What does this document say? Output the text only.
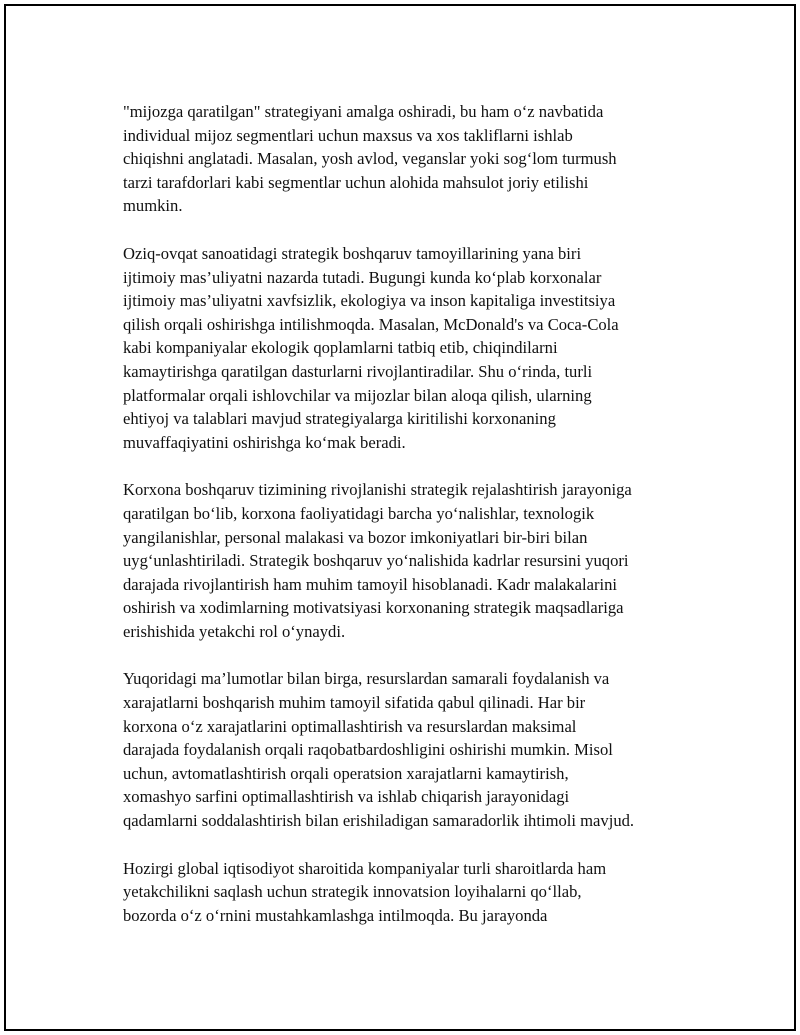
"mijozga qaratilgan" strategiyani amalga oshiradi, bu ham o‘z navbatida
individual mijoz segmentlari uchun maxsus va xos takliflarni ishlab
chiqishni anglatadi. Masalan, yosh avlod, veganslar yoki sog‘lom turmush
tarzi tarafdorlari kabi segmentlar uchun alohida mahsulot joriy etilishi
mumkin.

Oziq-ovqat sanoatidagi strategik boshqaruv tamoyillarining yana biri
ijtimoiy mas’uliyatni nazarda tutadi. Bugungi kunda ko‘plab korxonalar
ijtimoiy mas’uliyatni xavfsizlik, ekologiya va inson kapitaliga investitsiya
qilish orqali oshirishga intilishmoqda. Masalan, McDonald's va Coca-Cola
kabi kompaniyalar ekologik qoplamlarni tatbiq etib, chiqindilarni
kamaytirishga qaratilgan dasturlarni rivojlantiradilar. Shu o‘rinda, turli
platformalar orqali ishlovchilar va mijozlar bilan aloqa qilish, ularning
ehtiyoj va talablari mavjud strategiyalarga kiritilishi korxonaning
muvaffaqiyatini oshirishga ko‘mak beradi.

Korxona boshqaruv tizimining rivojlanishi strategik rejalashtirish jarayoniga
qaratilgan bo‘lib, korxona faoliyatidagi barcha yo‘nalishlar, texnologik
yangilanishlar, personal malakasi va bozor imkoniyatlari bir-biri bilan
uyg‘unlashtiriladi. Strategik boshqaruv yo‘nalishida kadrlar resursini yuqori
darajada rivojlantirish ham muhim tamoyil hisoblanadi. Kadr malakalarini
oshirish va xodimlarning motivatsiyasi korxonaning strategik maqsadlariga
erishishida yetakchi rol o‘ynaydi.

Yuqoridagi ma’lumotlar bilan birga, resurslardan samarali foydalanish va
xarajatlarni boshqarish muhim tamoyil sifatida qabul qilinadi. Har bir
korxona o‘z xarajatlarini optimallashtirish va resurslardan maksimal
darajada foydalanish orqali raqobatbardoshligini oshirishi mumkin. Misol
uchun, avtomatlashtirish orqali operatsion xarajatlarni kamaytirish,
xomashyo sarfini optimallashtirish va ishlab chiqarish jarayonidagi
qadamlarni soddalashtirish bilan erishiladigan samaradorlik ihtimoli mavjud.

Hozirgi global iqtisodiyot sharoitida kompaniyalar turli sharoitlarda ham
yetakchilikni saqlash uchun strategik innovatsion loyihalarni qo‘llab,
bozorda o‘z o‘rnini mustahkamlashga intilmoqda. Bu jarayonda
